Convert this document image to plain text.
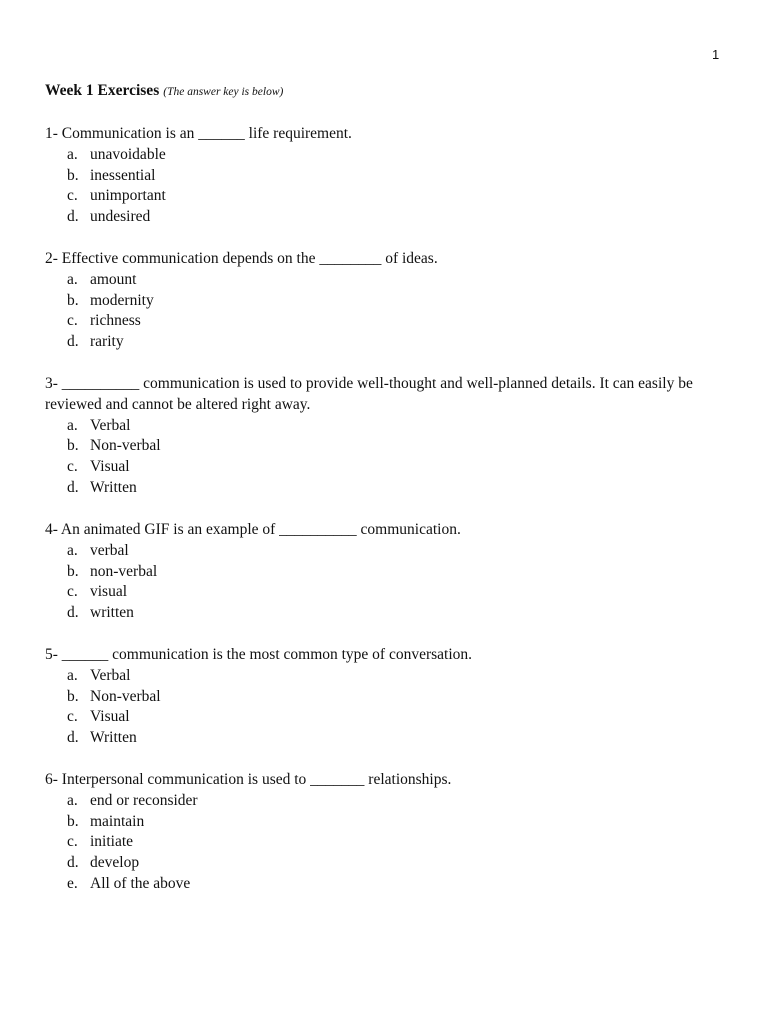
1
Week 1 Exercises (The answer key is below)

1- Communication is an ______ life requirement.

a. unavoidable
b. inessential
c. unimportant
d. undesired

2- Effective communication depends on the ________ of ideas.

a. amount
b. modernity
c. richness
d. rarity

3- __________ communication is used to provide well-thought and well-planned details. It can easily be reviewed and cannot be altered right away.

a. Verbal
b. Non-verbal
c. Visual
d. Written

4- An animated GIF is an example of __________ communication.

a. verbal
b. non-verbal
c. visual
d. written

5- ______ communication is the most common type of conversation.

a. Verbal
b. Non-verbal
c. Visual
d. Written

6- Interpersonal communication is used to _______ relationships.

a. end or reconsider
b. maintain
c. initiate
d. develop
e. All of the above
